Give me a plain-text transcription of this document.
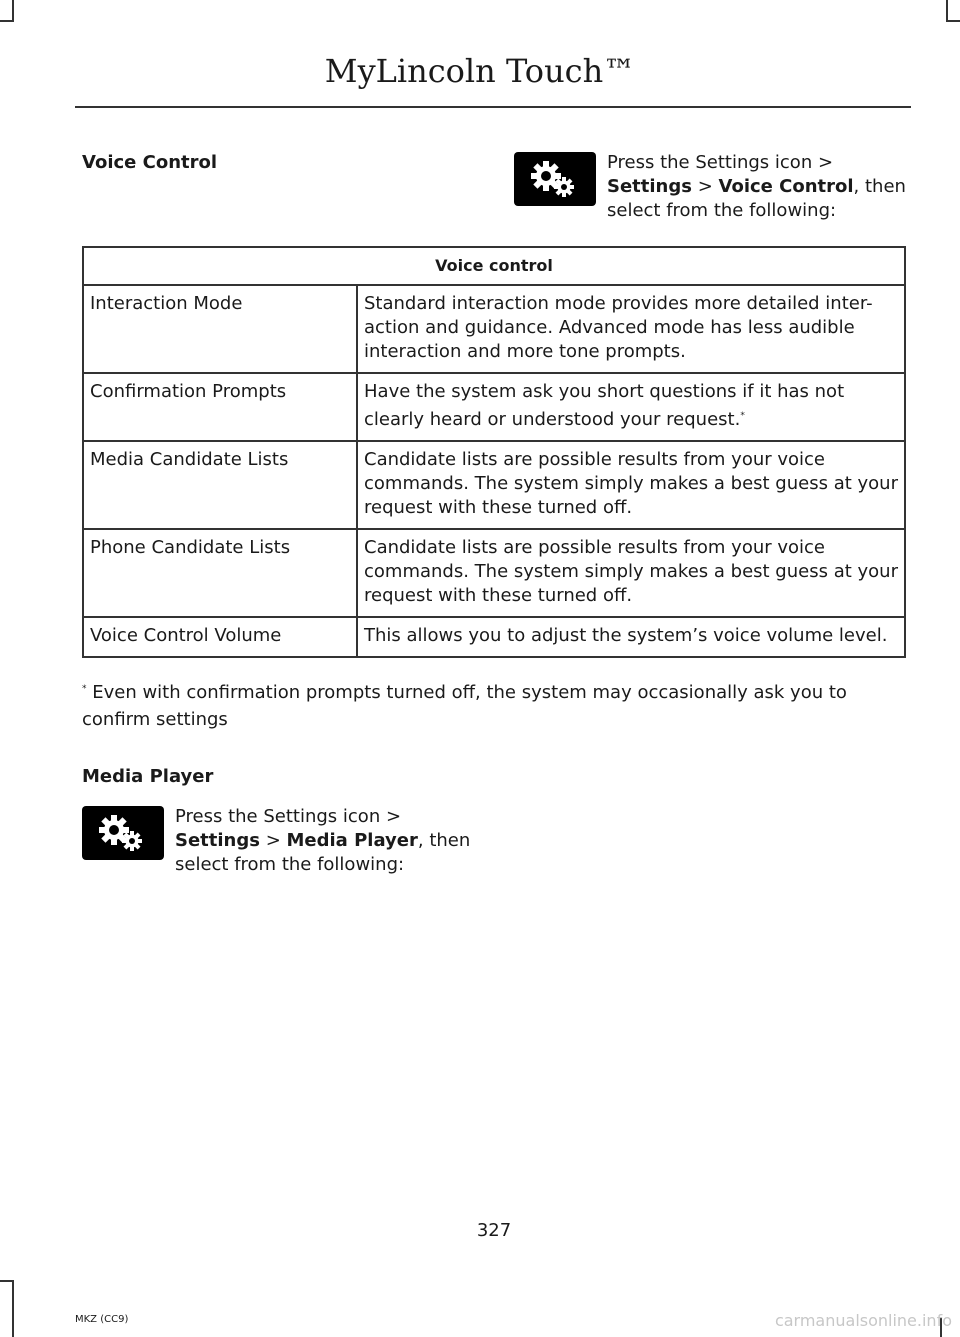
MyLincoln Touch™
Voice Control	Press the Settings icon >
Settings > Voice Control, then
select from the following:
Voice control	
Interaction Mode	Standard interaction mode provides more detailed inter-action and guidance. Advanced mode has less audible interaction and more tone prompts.
Confirmation Prompts	Have the system ask you short questions if it has not clearly heard or understood your request.*
Media Candidate Lists	Candidate lists are possible results from your voice commands. The system simply makes a best guess at your request with these turned off.
Phone Candidate Lists	Candidate lists are possible results from your voice commands. The system simply makes a best guess at your request with these turned off.
Voice Control Volume	This allows you to adjust the system’s voice volume level.
* Even with confirmation prompts turned off, the system may occasionally ask you to confirm settings
Media Player
Press the Settings icon >
Settings > Media Player, then
select from the following:
327
MKZ (CC9)	carmanualsonline.info
